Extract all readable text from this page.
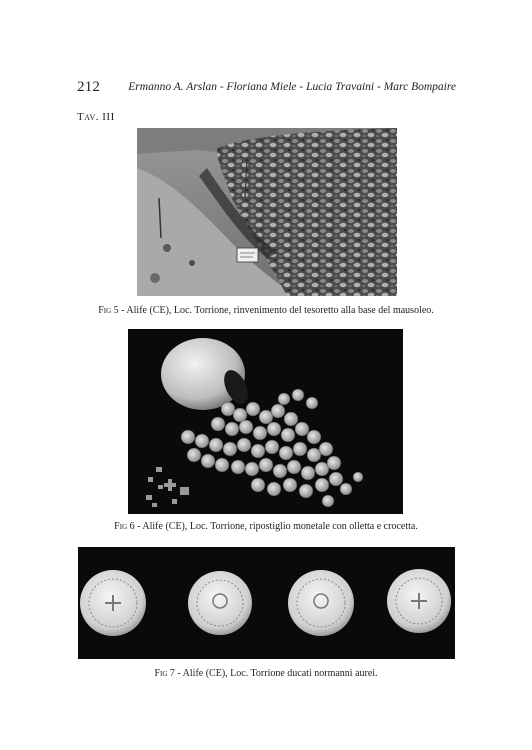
212 Ermanno A. Arslan - Floriana Miele - Lucia Travaini - Marc Bompaire
Tav. III
Fig 5 - Alife (CE), Loc. Torrione, rinvenimento del tesoretto alla base del mausoleo.
Fig 6 - Alife (CE), Loc. Torrione, ripostiglio monetale con olletta e crocetta.
Fig 7 - Alife (CE), Loc. Torrione ducati normanni aurei.
